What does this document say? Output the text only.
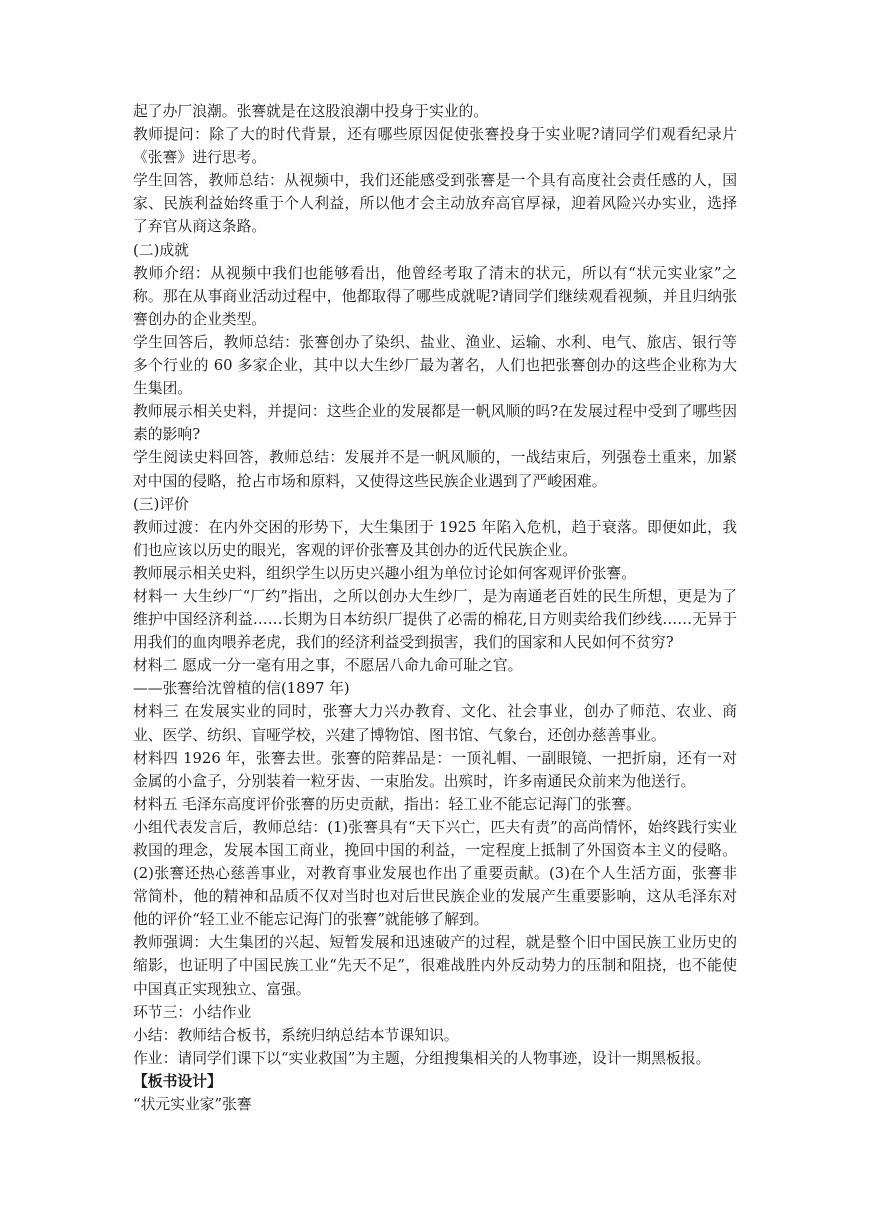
起了办厂浪潮。张謇就是在这股浪潮中投身于实业的。

教师提问：除了大的时代背景，还有哪些原因促使张謇投身于实业呢?请同学们观看纪录片《张謇》进行思考。

学生回答，教师总结：从视频中，我们还能感受到张謇是一个具有高度社会责任感的人，国家、民族利益始终重于个人利益，所以他才会主动放弃高官厚禄，迎着风险兴办实业，选择了弃官从商这条路。

(二)成就

教师介绍：从视频中我们也能够看出，他曾经考取了清末的状元，所以有“状元实业家”之称。那在从事商业活动过程中，他都取得了哪些成就呢?请同学们继续观看视频，并且归纳张謇创办的企业类型。

学生回答后，教师总结：张謇创办了染织、盐业、渔业、运输、水利、电气、旅店、银行等多个行业的 60 多家企业，其中以大生纱厂最为著名，人们也把张謇创办的这些企业称为大生集团。

教师展示相关史料，并提问：这些企业的发展都是一帆风顺的吗?在发展过程中受到了哪些因素的影响?

学生阅读史料回答，教师总结：发展并不是一帆风顺的，一战结束后，列强卷土重来，加紧对中国的侵略，抢占市场和原料，又使得这些民族企业遇到了严峻困难。

(三)评价

教师过渡：在内外交困的形势下，大生集团于 1925 年陷入危机，趋于衰落。即便如此，我们也应该以历史的眼光，客观的评价张謇及其创办的近代民族企业。

教师展示相关史料，组织学生以历史兴趣小组为单位讨论如何客观评价张謇。

材料一 大生纱厂“厂约”指出，之所以创办大生纱厂，是为南通老百姓的民生所想，更是为了维护中国经济利益……长期为日本纺织厂提供了必需的棉花,日方则卖给我们纱线……无异于用我们的血肉喂养老虎，我们的经济利益受到损害，我们的国家和人民如何不贫穷?

材料二 愿成一分一毫有用之事，不愿居八命九命可耻之官。

——张謇给沈曾植的信(1897 年)

材料三 在发展实业的同时，张謇大力兴办教育、文化、社会事业，创办了师范、农业、商业、医学、纺织、盲哑学校，兴建了博物馆、图书馆、气象台，还创办慈善事业。

材料四 1926 年，张謇去世。张謇的陪葬品是：一顶礼帽、一副眼镜、一把折扇，还有一对金属的小盒子，分别装着一粒牙齿、一束胎发。出殡时，许多南通民众前来为他送行。

材料五 毛泽东高度评价张謇的历史贡献，指出：轻工业不能忘记海门的张謇。

小组代表发言后，教师总结：(1)张謇具有“天下兴亡，匹夫有责”的高尚情怀，始终践行实业救国的理念，发展本国工商业，挽回中国的利益，一定程度上抵制了外国资本主义的侵略。(2)张謇还热心慈善事业，对教育事业发展也作出了重要贡献。(3)在个人生活方面，张謇非常简朴，他的精神和品质不仅对当时也对后世民族企业的发展产生重要影响，这从毛泽东对他的评价“轻工业不能忘记海门的张謇”就能够了解到。

教师强调：大生集团的兴起、短暂发展和迅速破产的过程，就是整个旧中国民族工业历史的缩影，也证明了中国民族工业“先天不足”，很难战胜内外反动势力的压制和阻挠，也不能使中国真正实现独立、富强。

环节三：小结作业

小结：教师结合板书，系统归纳总结本节课知识。

作业：请同学们课下以“实业救国”为主题，分组搜集相关的人物事迹，设计一期黑板报。

【板书设计】

“状元实业家”张謇
